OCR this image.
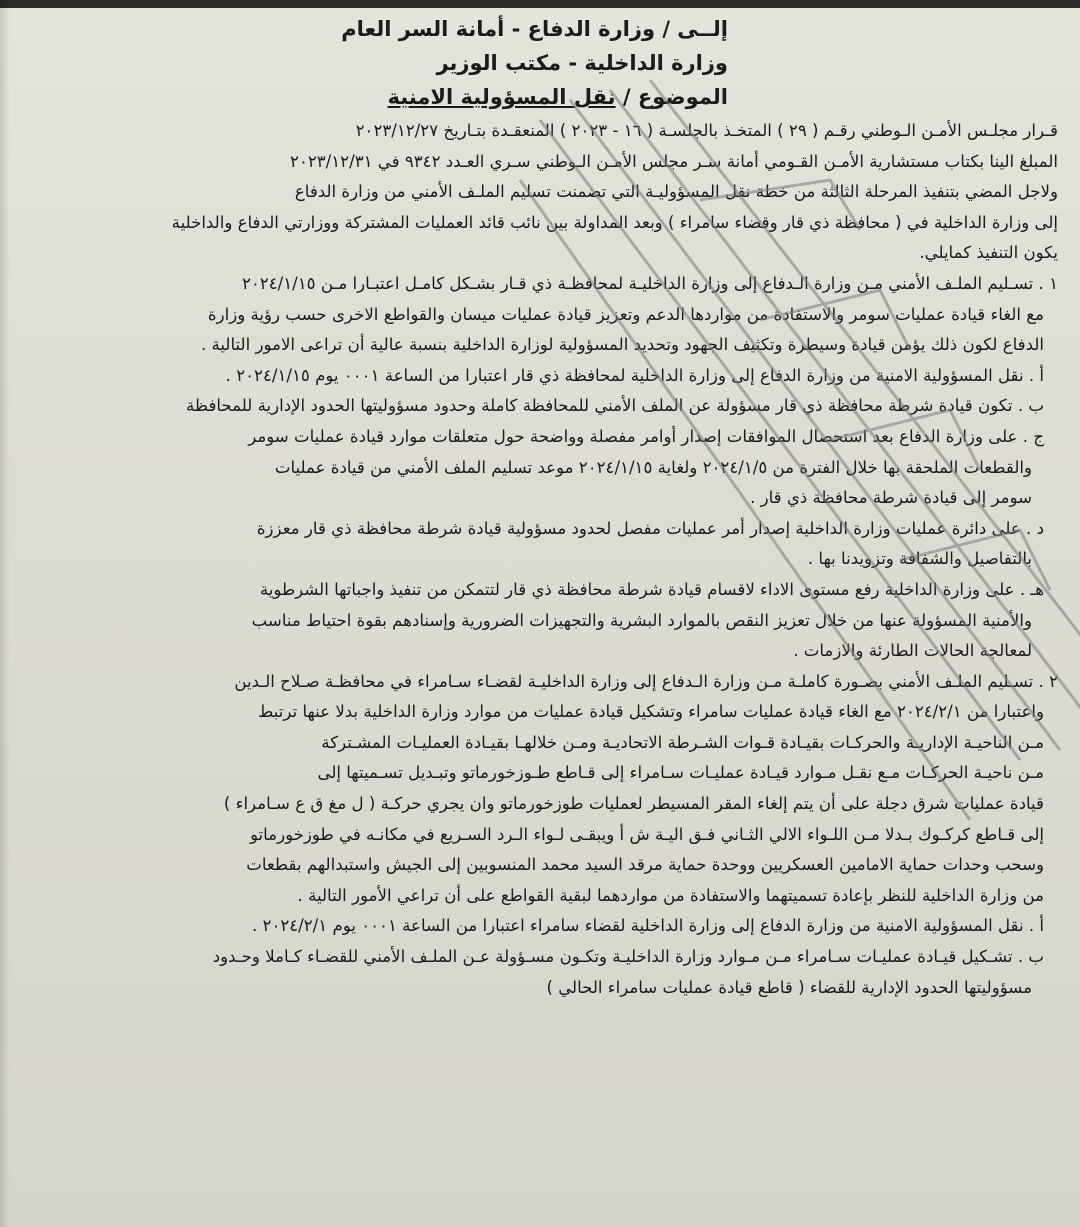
إلــى / وزارة الدفاع - أمانة السر العام
وزارة الداخلية - مكتب الوزير
الموضوع / نقل المسؤولية الامنية

قـرار مجلـس الأمـن الـوطني رقـم ( ٢٩ ) المتخـذ بالجلسـة ( ١٦ - ٢٠٢٣ ) المنعقـدة بتـاريخ ٢٠٢٣/١٢/٢٧

المبلغ الينا بكتاب مستشارية الأمـن القـومي أمانة سـر مجلس الأمـن الـوطني سـري العـدد ٩٣٤٢ في ٢٠٢٣/١٢/٣١

ولاجل المضي بتنفيذ المرحلة الثالثة من خطة نقل المسؤوليـة التي تضمنت تسليم الملـف الأمني من وزارة الدفاع

إلى وزارة الداخلية في ( محافظة ذي قار وقضاء سامراء ) وبعد المداولة بين نائب قائد العمليات المشتركة ووزارتي الدفاع والداخلية

يكون التنفيذ كمايلي.

١ . تسـليم الملـف الأمني مـن وزارة الـدفاع إلى وزارة الداخليـة لمحافظـة ذي قـار بشـكل كامـل اعتبـارا مـن ٢٠٢٤/١/١٥

مع الغاء قيادة عمليات سومر والاستفادة من مواردها الدعم وتعزيز قيادة عمليات ميسان والقواطع الاخرى حسب رؤية وزارة

الدفاع لكون ذلك يؤمن قيادة وسيطرة وتكثيف الجهود وتحديد المسؤولية لوزارة الداخلية بنسبة عالية أن تراعى الامور التالية .

أ . نقل المسؤولية الامنية من وزارة الدفاع إلى وزارة الداخلية لمحافظة ذي قار اعتبارا من الساعة ٠٠٠١ يوم ٢٠٢٤/١/١٥ .

ب . تكون قيادة شرطة محافظة ذي قار مسؤولة عن الملف الأمني للمحافظة كاملة وحدود مسؤوليتها الحدود الإدارية للمحافظة

ج . على وزارة الدفاع بعد استحصال الموافقات إصدار أوامر مفصلة وواضحة حول متعلقات موارد قيادة عمليات سومر

والقطعات الملحقة بها خلال الفترة من ٢٠٢٤/١/٥ ولغاية ٢٠٢٤/١/١٥ موعد تسليم الملف الأمني من قيادة عمليات

سومر إلى قيادة شرطة محافظة ذي قار .

د . على دائرة عمليات وزارة الداخلية إصدار أمر عمليات مفصل لحدود مسؤولية قيادة شرطة محافظة ذي قار معززة

بالتفاصيل والشفافة وتزويدنا بها .

هـ . على وزارة الداخلية رفع مستوى الاداء لاقسام قيادة شرطة محافظة ذي قار لتتمكن من تنفيذ واجباتها الشرطوية

والأمنية المسؤولة عنها من خلال تعزيز النقص بالموارد البشرية والتجهيزات الضرورية وإسنادهم بقوة احتياط مناسب

لمعالجة الحالات الطارئة والازمات .

٢ . تسـليم الملـف الأمني بصـورة كاملـة مـن وزارة الـدفاع إلى وزارة الداخليـة لقضـاء سـامراء في محافظـة صـلاح الـدين

واعتبارا من ٢٠٢٤/٢/١ مع الغاء قيادة عمليات سامراء وتشكيل قيادة عمليات من موارد وزارة الداخلية بدلا عنها ترتبط

مـن الناحيـة الإداريـة والحركـات بقيـادة قـوات الشـرطة الاتحاديـة ومـن خلالهـا بقيـادة العمليـات المشـتركة

مـن ناحيـة الحركـات مـع نقـل مـوارد قيـادة عمليـات سـامراء إلى قـاطع طـوزخورماتو وتبـديل تسـميتها إلى

قيادة عمليات شرق دجلة على أن يتم إلغاء المقر المسيطر لعمليات طوزخورماتو وان يجري حركـة ( ل مغ ق ع سـامراء )

إلى قـاطع كركـوك بـدلا مـن اللـواء الالي الثـاني فـق اليـة ش أ ويبقـى لـواء الـرد السـريع في مكانـه في طوزخورماتو

وسحب وحدات حماية الامامين العسكريين ووحدة حماية مرقد السيد محمد المنسوبين إلى الجيش واستبدالهم بقطعات

من وزارة الداخلية للنظر بإعادة تسميتهما والاستفادة من مواردهما لبقية القواطع على أن تراعي الأمور التالية .

أ . نقل المسؤولية الامنية من وزارة الدفاع إلى وزارة الداخلية لقضاء سامراء اعتبارا من الساعة ٠٠٠١ يوم ٢٠٢٤/٢/١ .

ب . تشـكيل قيـادة عمليـات سـامراء مـن مـوارد وزارة الداخليـة وتكـون مسـؤولة عـن الملـف الأمني للقضـاء كـاملا وحـدود

مسؤوليتها الحدود الإدارية للقضاء ( قاطع قيادة عمليات سامراء الحالي )
